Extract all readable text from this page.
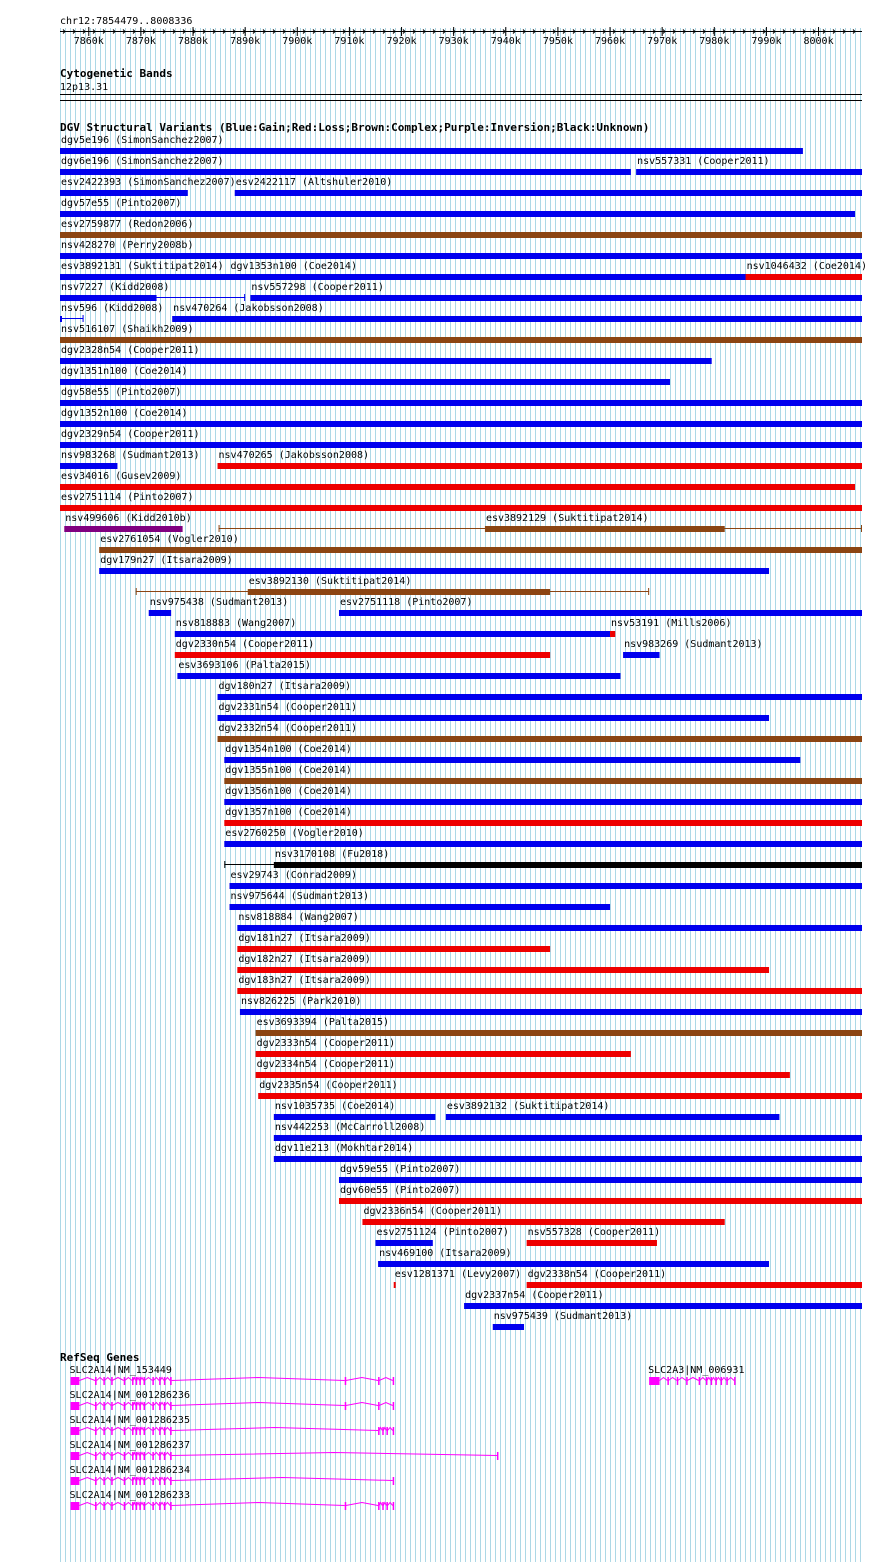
chr12:7854479..8008336
7860k 7870k 7880k 7890k 7900k 7910k 7920k 7930k 7940k 7950k 7960k 7970k 7980k 7990k 8000k
Cytogenetic Bands
12p13.31
DGV Structural Variants (Blue:Gain;Red:Loss;Brown:Complex;Purple:Inversion;Black:Unknown)
dgv5e196 (SimonSanchez2007)
dgv6e196 (SimonSanchez2007)	nsv557331 (Cooper2011)
esv2422393 (SimonSanchez2007) esv2422117 (Altshuler2010)
dgv57e55 (Pinto2007)
esv2759877 (Redon2006)
nsv428270 (Perry2008b)
esv3892131 (Suktitipat2014) dgv1353n100 (Coe2014)	nsv1046432 (Coe2014)
nsv7227 (Kidd2008)	nsv557298 (Cooper2011)
nsv596 (Kidd2008) nsv470264 (Jakobsson2008)
nsv516107 (Shaikh2009)
dgv2328n54 (Cooper2011)
dgv1351n100 (Coe2014)
dgv58e55 (Pinto2007)
dgv1352n100 (Coe2014)
dgv2329n54 (Cooper2011)
nsv983268 (Sudmant2013) nsv470265 (Jakobsson2008)
esv34016 (Gusev2009)
esv2751114 (Pinto2007)
nsv499606 (Kidd2010b)	esv3892129 (Suktitipat2014)
esv2761054 (Vogler2010)
dgv179n27 (Itsara2009)
esv3892130 (Suktitipat2014)
nsv975438 (Sudmant2013)	esv2751118 (Pinto2007)
nsv818883 (Wang2007)	nsv53191 (Mills2006)
dgv2330n54 (Cooper2011)	nsv983269 (Sudmant2013)
esv3693106 (Palta2015)
dgv180n27 (Itsara2009)
dgv2331n54 (Cooper2011)
dgv2332n54 (Cooper2011)
dgv1354n100 (Coe2014)
dgv1355n100 (Coe2014)
dgv1356n100 (Coe2014)
dgv1357n100 (Coe2014)
esv2760250 (Vogler2010)
nsv3170108 (Fu2018)
esv29743 (Conrad2009)
nsv975644 (Sudmant2013)
nsv818884 (Wang2007)
dgv181n27 (Itsara2009)
dgv182n27 (Itsara2009)
dgv183n27 (Itsara2009)
nsv826225 (Park2010)
esv3693394 (Palta2015)
dgv2333n54 (Cooper2011)
dgv2334n54 (Cooper2011)
dgv2335n54 (Cooper2011)
nsv1035735 (Coe2014)	esv3892132 (Suktitipat2014)
nsv442253 (McCarroll2008)
dgv11e213 (Mokhtar2014)
dgv59e55 (Pinto2007)
dgv60e55 (Pinto2007)
dgv2336n54 (Cooper2011)
esv2751124 (Pinto2007) nsv557328 (Cooper2011)
nsv469100 (Itsara2009)
esv1281371 (Levy2007) dgv2338n54 (Cooper2011)
dgv2337n54 (Cooper2011)
nsv975439 (Sudmant2013)
RefSeq Genes
SLC2A14|NM_153449	SLC2A3|NM_006931
SLC2A14|NM_001286236
SLC2A14|NM_001286235
SLC2A14|NM_001286237
SLC2A14|NM_001286234
SLC2A14|NM_001286233
